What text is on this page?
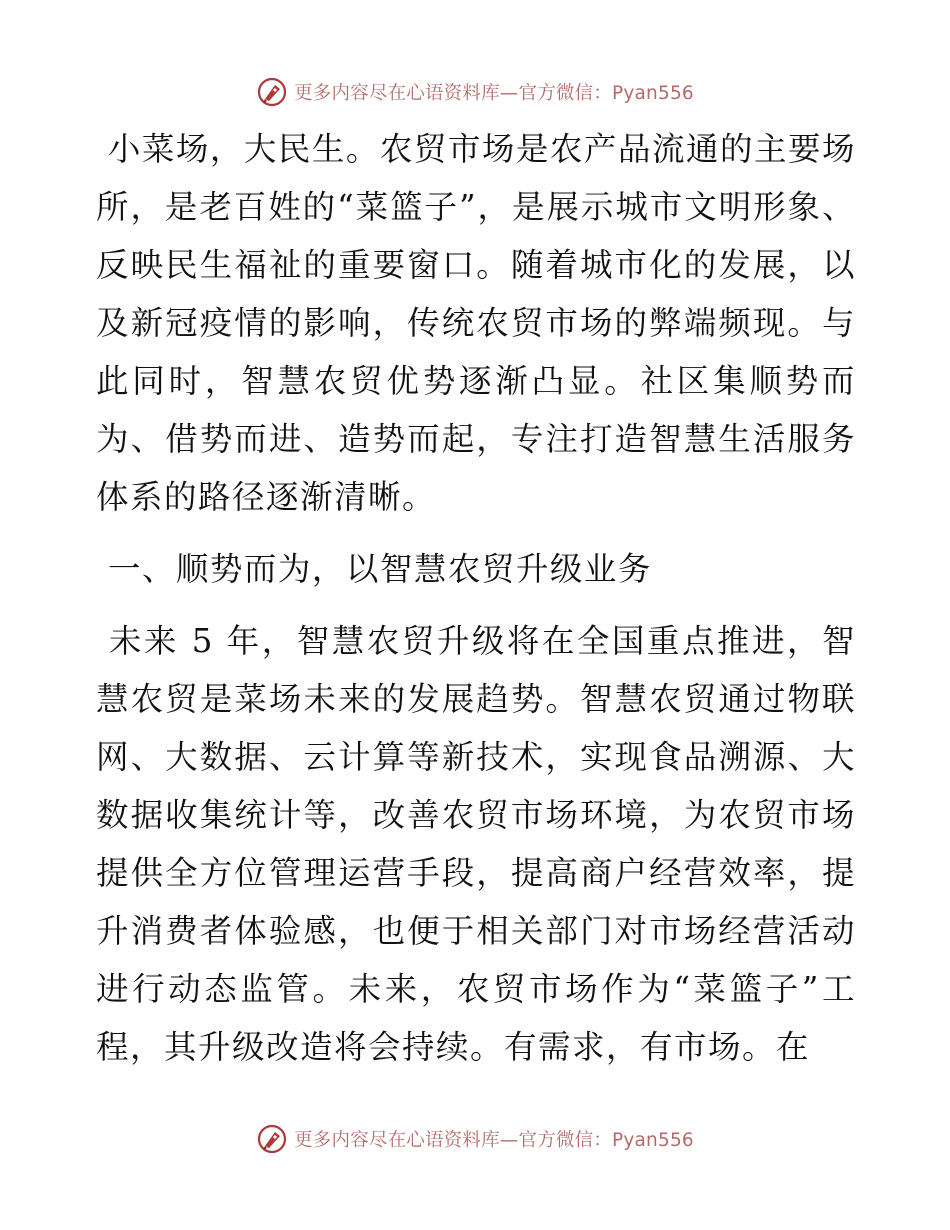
更多内容尽在心语资料库—官方微信：Pyan556

小菜场，大民生。农贸市场是农产品流通的主要场所，是老百姓的“菜篮子”，是展示城市文明形象、反映民生福祉的重要窗口。随着城市化的发展，以及新冠疫情的影响，传统农贸市场的弊端频现。与此同时，智慧农贸优势逐渐凸显。社区集顺势而为、借势而进、造势而起，专注打造智慧生活服务体系的路径逐渐清晰。

一、顺势而为，以智慧农贸升级业务

未来 5 年，智慧农贸升级将在全国重点推进，智慧农贸是菜场未来的发展趋势。智慧农贸通过物联网、大数据、云计算等新技术，实现食品溯源、大数据收集统计等，改善农贸市场环境，为农贸市场提供全方位管理运营手段，提高商户经营效率，提升消费者体验感，也便于相关部门对市场经营活动进行动态监管。未来，农贸市场作为“菜篮子”工程，其升级改造将会持续。有需求，有市场。在

更多内容尽在心语资料库—官方微信：Pyan556
